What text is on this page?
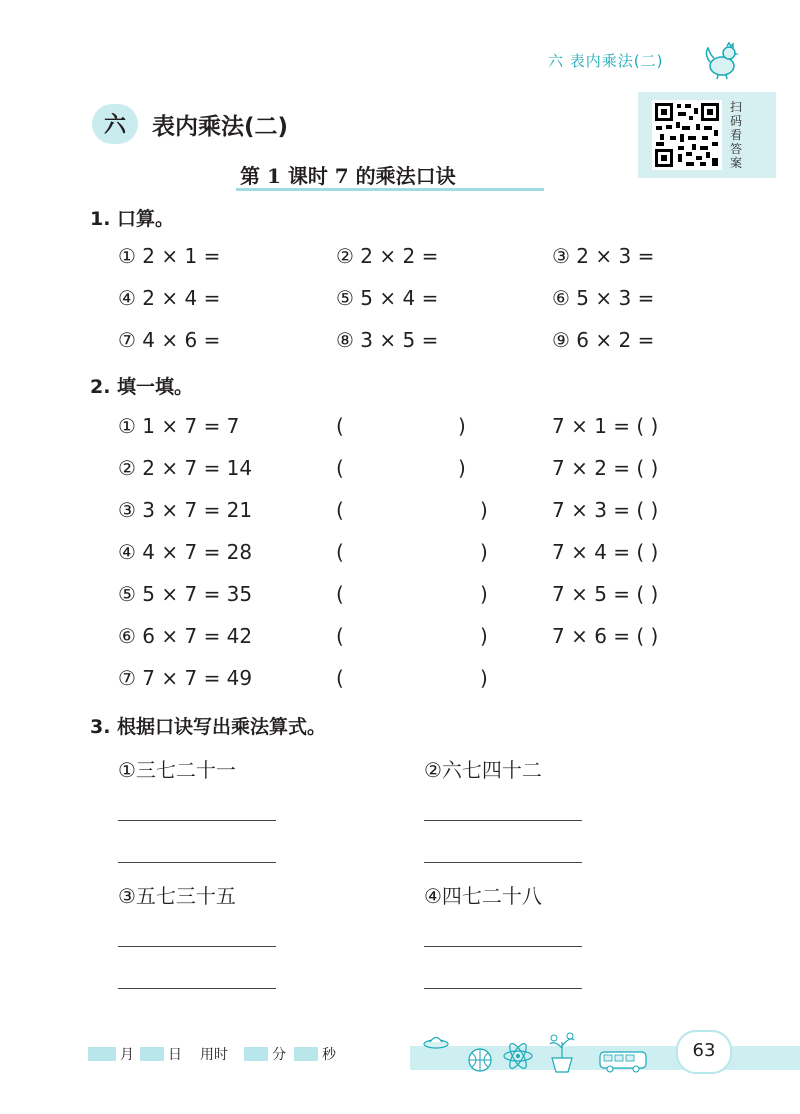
六 表内乘法(二)
六	表内乘法(二)
扫
码
看
答
案
第 1 课时 7 的乘法口诀
1. 口算。
① 2 × 1 =	② 2 × 2 =	③ 2 × 3 =
④ 2 × 4 =	⑤ 5 × 4 =	⑥ 5 × 3 =
⑦ 4 × 6 =	⑧ 3 × 5 =	⑨ 6 × 2 =
2. 填一填。
① 1 × 7 = 7	(	)	7 × 1 = ( )
② 2 × 7 = 14	(	)	7 × 2 = ( )
③ 3 × 7 = 21	(	)	7 × 3 = ( )
④ 4 × 7 = 28	(	)	7 × 4 = ( )
⑤ 5 × 7 = 35	(	)	7 × 5 = ( )
⑥ 6 × 7 = 42	(	)	7 × 6 = ( )
⑦ 7 × 7 = 49	(	)
3. 根据口诀写出乘法算式。
①三七二十一	②六七四十二
③五七三十五	④四七二十八
月 日 用时	分	秒	63
